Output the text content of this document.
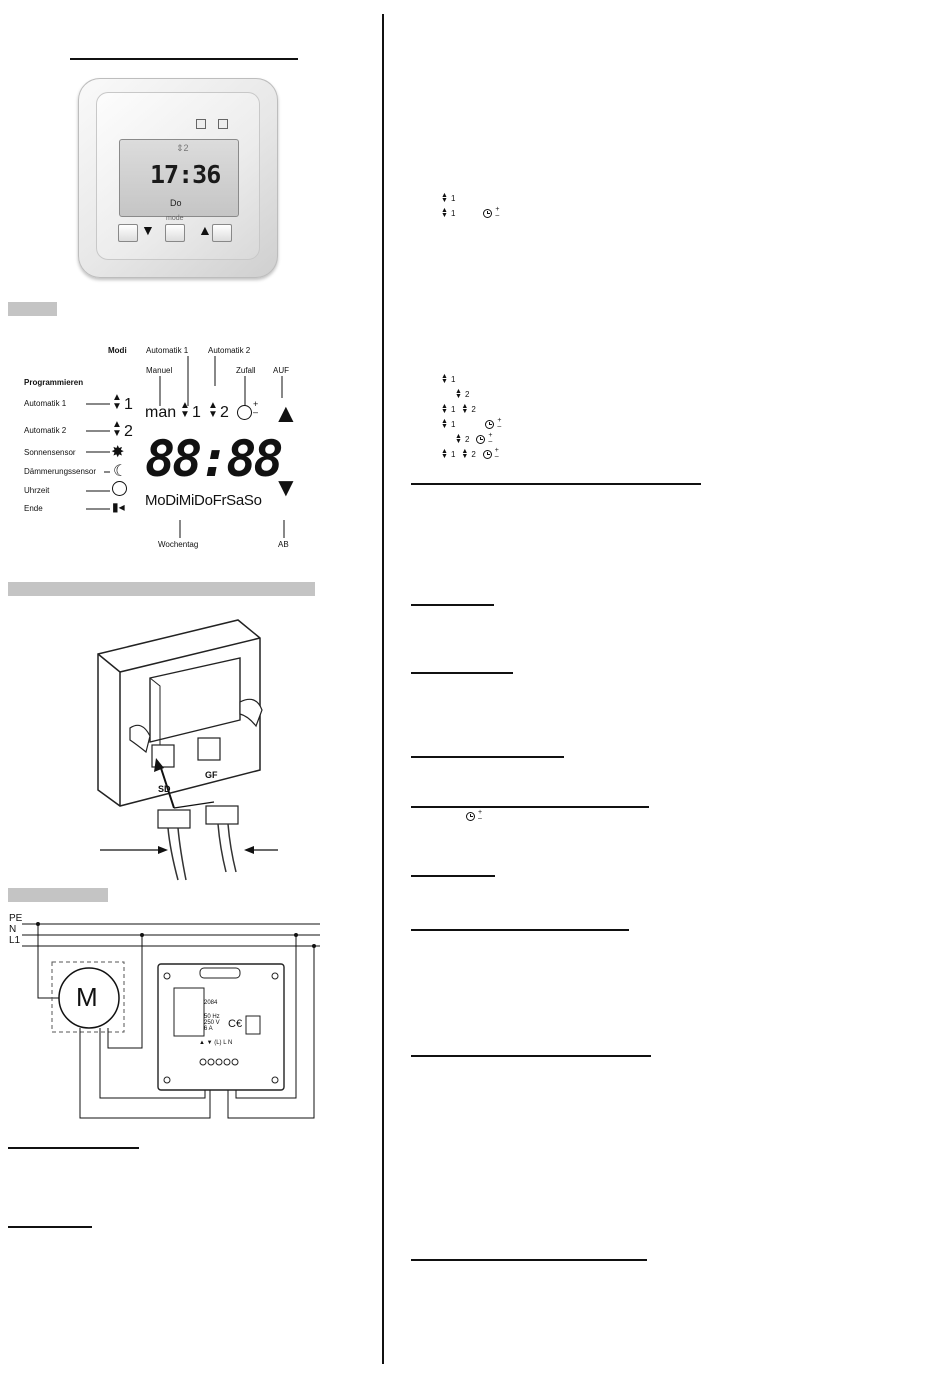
⇕2
17:36
Do
mode
▼	▲
Modi Automatik 1 Automatik 2
Manuel	Zufall AUF
Programmieren
Automatik 1
Automatik 2
Sonnensensor
Dämmerungssensor
Uhrzeit
Ende
Wochentag	AB
▲
▼ 1
▲
▼ 2
✸
☾
▮◂
man ▲
▼ 1 ▲
▼ 2	+
– ▲
▼
88:88
MoDiMiDoFrSaSo
SD
GF
PE
N
L1
M	2084
50 Hz
250 V
6 A C€
▲ ▼ (L) L N
▲
▼ 1
▲
▼ 1	+
–
▲
▼ 1
▲
▼ 2
▲
▼ 1 ▲
▼ 2
▲
▼ 1	+
–
▲
▼ 2	+
–
▲
▼ 1 ▲
▼ 2	+
–
+
–
